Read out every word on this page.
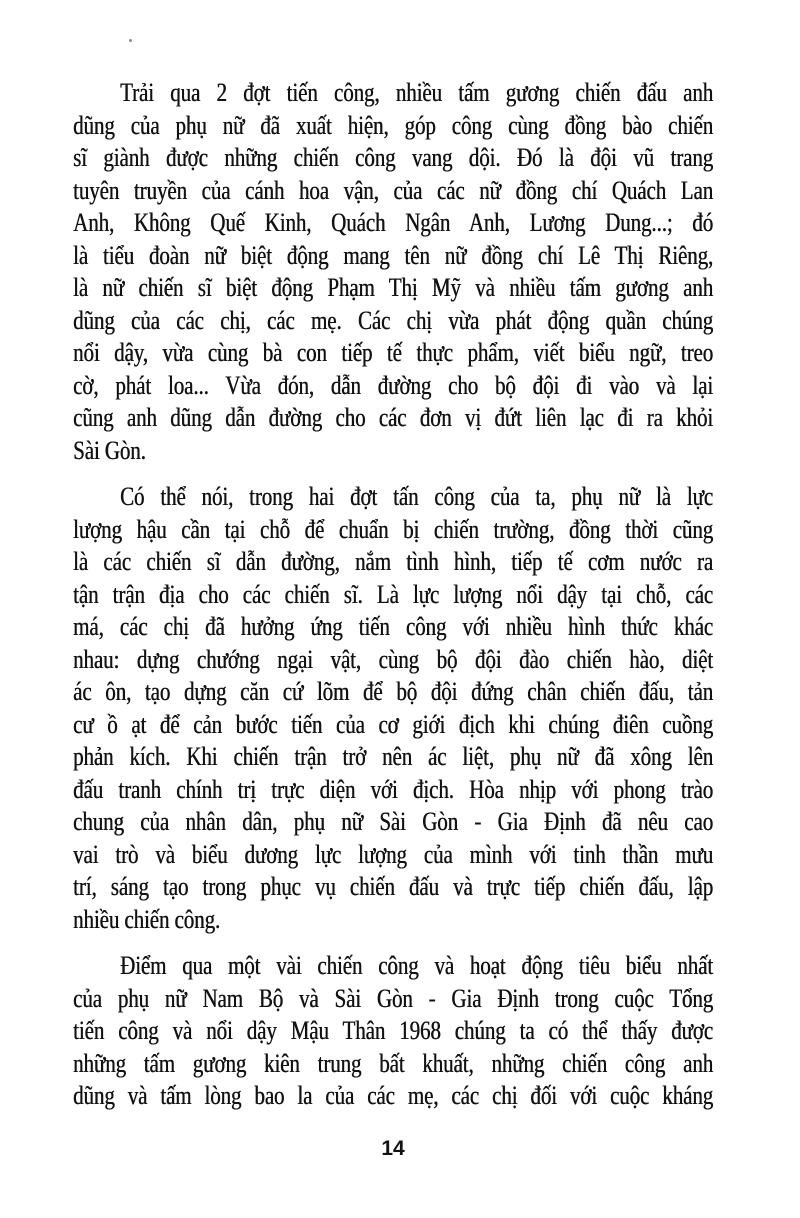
Trải qua 2 đợt tiến công, nhiều tấm gương chiến đấu anh
dũng của phụ nữ đã xuất hiện, góp công cùng đồng bào chiến
sĩ giành được những chiến công vang dội. Đó là đội vũ trang
tuyên truyền của cánh hoa vận, của các nữ đồng chí Quách Lan
Anh, Không Quế Kinh, Quách Ngân Anh, Lương Dung...; đó
là tiểu đoàn nữ biệt động mang tên nữ đồng chí Lê Thị Riêng,
là nữ chiến sĩ biệt động Phạm Thị Mỹ và nhiều tấm gương anh
dũng của các chị, các mẹ. Các chị vừa phát động quần chúng
nổi dậy, vừa cùng bà con tiếp tế thực phẩm, viết biểu ngữ, treo
cờ, phát loa... Vừa đón, dẫn đường cho bộ đội đi vào và lại
cũng anh dũng dẫn đường cho các đơn vị đứt liên lạc đi ra khỏi
Sài Gòn.
Có thể nói, trong hai đợt tấn công của ta, phụ nữ là lực
lượng hậu cần tại chỗ để chuẩn bị chiến trường, đồng thời cũng
là các chiến sĩ dẫn đường, nắm tình hình, tiếp tế cơm nước ra
tận trận địa cho các chiến sĩ. Là lực lượng nổi dậy tại chỗ, các
má, các chị đã hưởng ứng tiến công với nhiều hình thức khác
nhau: dựng chướng ngại vật, cùng bộ đội đào chiến hào, diệt
ác ôn, tạo dựng căn cứ lõm để bộ đội đứng chân chiến đấu, tản
cư ồ ạt để cản bước tiến của cơ giới địch khi chúng điên cuồng
phản kích. Khi chiến trận trở nên ác liệt, phụ nữ đã xông lên
đấu tranh chính trị trực diện với địch. Hòa nhịp với phong trào
chung của nhân dân, phụ nữ Sài Gòn - Gia Định đã nêu cao
vai trò và biểu dương lực lượng của mình với tinh thần mưu
trí, sáng tạo trong phục vụ chiến đấu và trực tiếp chiến đấu, lập
nhiều chiến công.
Điểm qua một vài chiến công và hoạt động tiêu biểu nhất
của phụ nữ Nam Bộ và Sài Gòn - Gia Định trong cuộc Tổng
tiến công và nổi dậy Mậu Thân 1968 chúng ta có thể thấy được
những tấm gương kiên trung bất khuất, những chiến công anh
dũng và tấm lòng bao la của các mẹ, các chị đối với cuộc kháng
14
